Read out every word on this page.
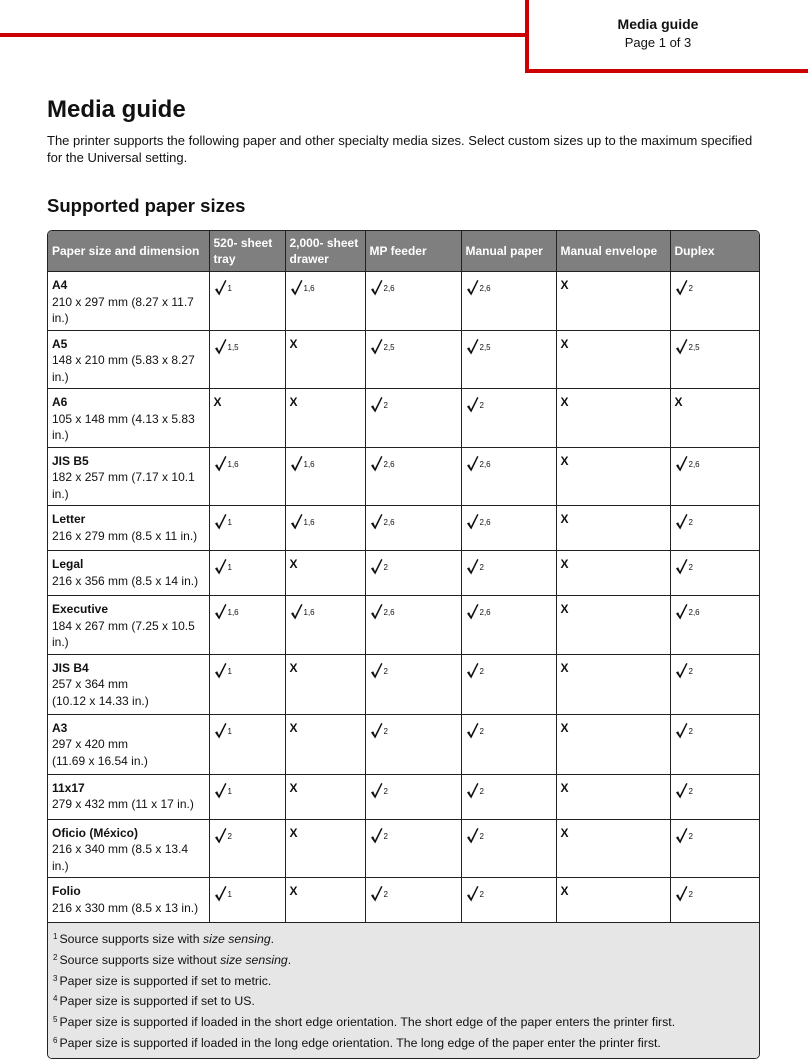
Media guide
Page 1 of 3
Media guide

The printer supports the following paper and other specialty media sizes. Select custom sizes up to the maximum specified for the Universal setting.

Supported paper sizes
Paper size and dimension	520- sheet tray	2,000- sheet drawer	MP feeder	Manual paper	Manual envelope	Duplex

A4
210 x 297 mm (8.27 x 11.7 in.)	1	1,6	2,6	2,6	X	2

A5
148 x 210 mm (5.83 x 8.27 in.)	1,5	X	2,5	2,5	X	2,5

A6
105 x 148 mm (4.13 x 5.83 in.)	X	X	2	2	X	X

JIS B5
182 x 257 mm (7.17 x 10.1 in.)	1,6	1,6	2,6	2,6	X	2,6

Letter
216 x 279 mm (8.5 x 11 in.)	1	1,6	2,6	2,6	X	2

Legal
216 x 356 mm (8.5 x 14 in.)	1	X	2	2	X	2

Executive
184 x 267 mm (7.25 x 10.5 in.)	1,6	1,6	2,6	2,6	X	2,6

JIS B4
257 x 364 mm
(10.12 x 14.33 in.)	1	X	2	2	X	2

A3
297 x 420 mm
(11.69 x 16.54 in.)	1	X	2	2	X	2

11x17
279 x 432 mm (11 x 17 in.)	1	X	2	2	X	2

Oficio (México)
216 x 340 mm (8.5 x 13.4 in.)	2	X	2	2	X	2

Folio
216 x 330 mm (8.5 x 13 in.)	1	X	2	2	X	2
$^1$ Source supports size with size sensing.
$^2$ Source supports size without size sensing.
$^3$ Paper size is supported if set to metric.
$^4$ Paper size is supported if set to US.
$^5$ Paper size is supported if loaded in the short edge orientation. The short edge of the paper enters the printer first.
$^6$ Paper size is supported if loaded in the long edge orientation. The long edge of the paper enter the printer first.
